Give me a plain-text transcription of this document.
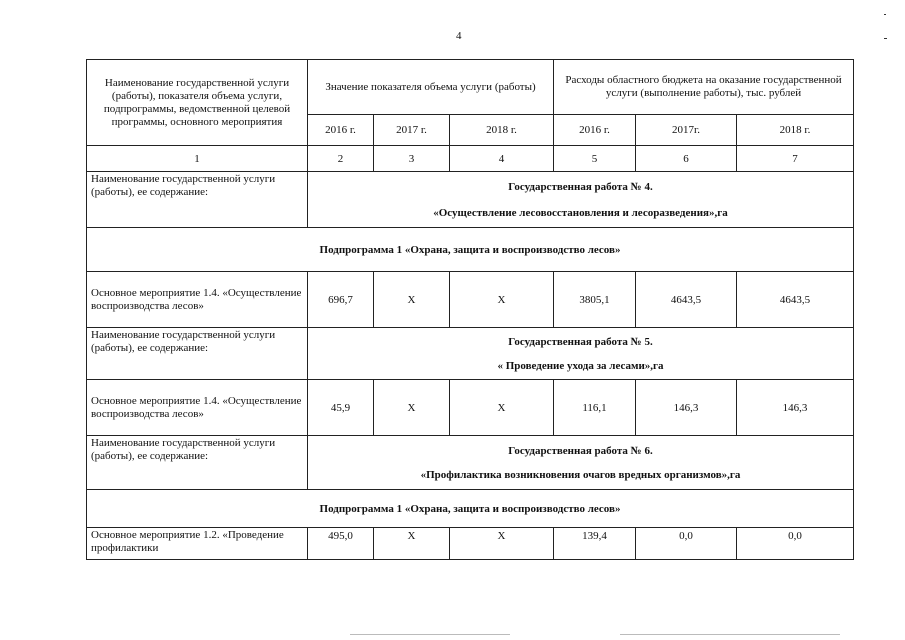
4
Наименование государственной услуги (работы), показателя объема услуги, подпрограммы, ведомственной целевой программы, основного мероприятия	Значение показателя объема услуги (работы)			Расходы областного бюджета на оказание государственной услуги (выполнение работы), тыс. рублей		
	2016 г.	2017 г.	2018 г.	2016 г.	2017г.	2018 г.
1	2	3	4	5	6	7
Наименование государственной услуги (работы), ее содержание:	Государственная работа № 4.
«Осуществление лесовосстановления и лесоразведения»,га					

Подпрограмма 1 «Охрана, защита и воспроизводство лесов»						
Основное мероприятие 1.4. «Осуществление воспроизводства лесов»	696,7	Х	Х	3805,1	4643,5	4643,5
Наименование государственной услуги (работы), ее содержание:	Государственная работа № 5.
« Проведение ухода за лесами»,га					

Основное мероприятие 1.4. «Осуществление воспроизводства лесов»	45,9	Х	Х	116,1	146,3	146,3
Наименование государственной услуги (работы), ее содержание:	Государственная работа № 6.
«Профилактика возникновения очагов вредных организмов»,га					

Подпрограмма 1 «Охрана, защита и воспроизводство лесов»						
Основное мероприятие 1.2. «Проведение профилактики	495,0	Х	Х	139,4	0,0	0,0
